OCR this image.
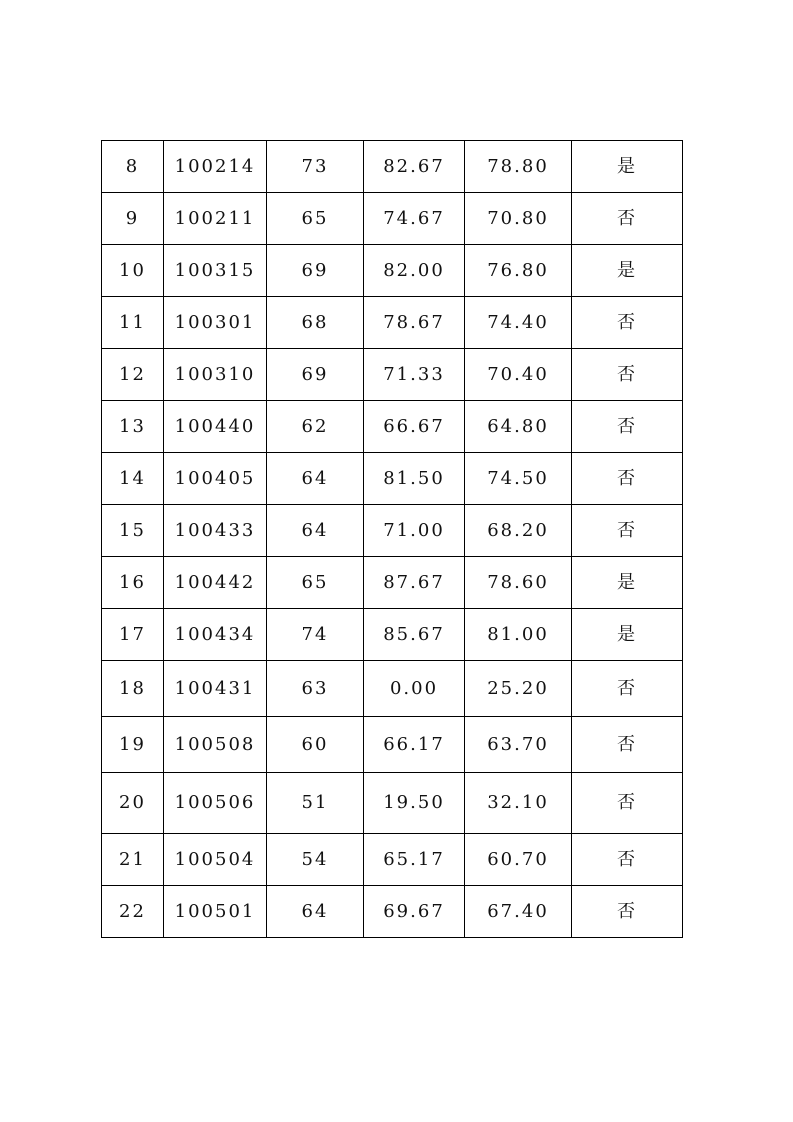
8	100214	73	82.67	78.80	是
9	100211	65	74.67	70.80	否
10	100315	69	82.00	76.80	是
11	100301	68	78.67	74.40	否
12	100310	69	71.33	70.40	否
13	100440	62	66.67	64.80	否
14	100405	64	81.50	74.50	否
15	100433	64	71.00	68.20	否
16	100442	65	87.67	78.60	是
17	100434	74	85.67	81.00	是
18	100431	63	0.00	25.20	否
19	100508	60	66.17	63.70	否
20	100506	51	19.50	32.10	否
21	100504	54	65.17	60.70	否
22	100501	64	69.67	67.40	否
